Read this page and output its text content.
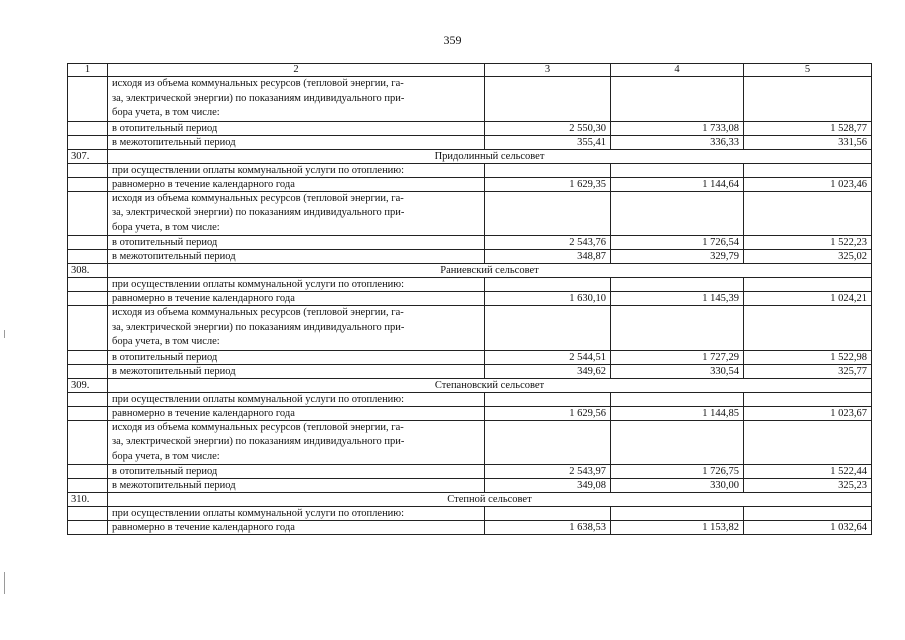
359
1	2	3	4	5

	исходя из объема коммунальных ресурсов (тепловой энергии, га-
за, электрической энергии) по показаниям индивидуального при-
бора учета, в том числе:			

	в отопительный период	2 550,30	1 733,08	1 528,77
	в межотопительный период	355,41	336,33	331,56
307.	Придолинный сельсовет			
	при осуществлении оплаты коммунальной услуги по отоплению:			
	равномерно в течение календарного года	1 629,35	1 144,64	1 023,46

	исходя из объема коммунальных ресурсов (тепловой энергии, га-
за, электрической энергии) по показаниям индивидуального при-
бора учета, в том числе:			

	в отопительный период	2 543,76	1 726,54	1 522,23
	в межотопительный период	348,87	329,79	325,02
308.	Раниевский сельсовет			
	при осуществлении оплаты коммунальной услуги по отоплению:			
	равномерно в течение календарного года	1 630,10	1 145,39	1 024,21

	исходя из объема коммунальных ресурсов (тепловой энергии, га-
за, электрической энергии) по показаниям индивидуального при-
бора учета, в том числе:			

	в отопительный период	2 544,51	1 727,29	1 522,98
	в межотопительный период	349,62	330,54	325,77
309.	Степановский сельсовет			
	при осуществлении оплаты коммунальной услуги по отоплению:			
	равномерно в течение календарного года	1 629,56	1 144,85	1 023,67

	исходя из объема коммунальных ресурсов (тепловой энергии, га-
за, электрической энергии) по показаниям индивидуального при-
бора учета, в том числе:			

	в отопительный период	2 543,97	1 726,75	1 522,44
	в межотопительный период	349,08	330,00	325,23
310.	Степной сельсовет			
	при осуществлении оплаты коммунальной услуги по отоплению:			
	равномерно в течение календарного года	1 638,53	1 153,82	1 032,64
